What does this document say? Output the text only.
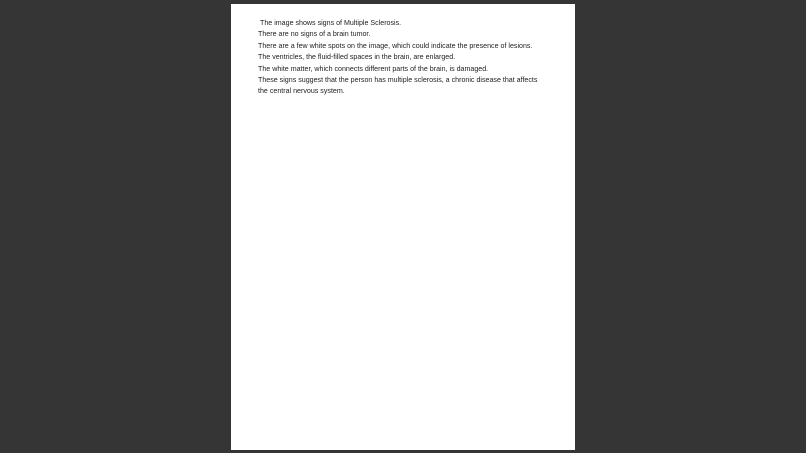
The image shows signs of Multiple Sclerosis.
There are no signs of a brain tumor.
There are a few white spots on the image, which could indicate the presence of lesions.
The ventricles, the fluid-filled spaces in the brain, are enlarged.
The white matter, which connects different parts of the brain, is damaged.
These signs suggest that the person has multiple sclerosis, a chronic disease that affects the central nervous system.
